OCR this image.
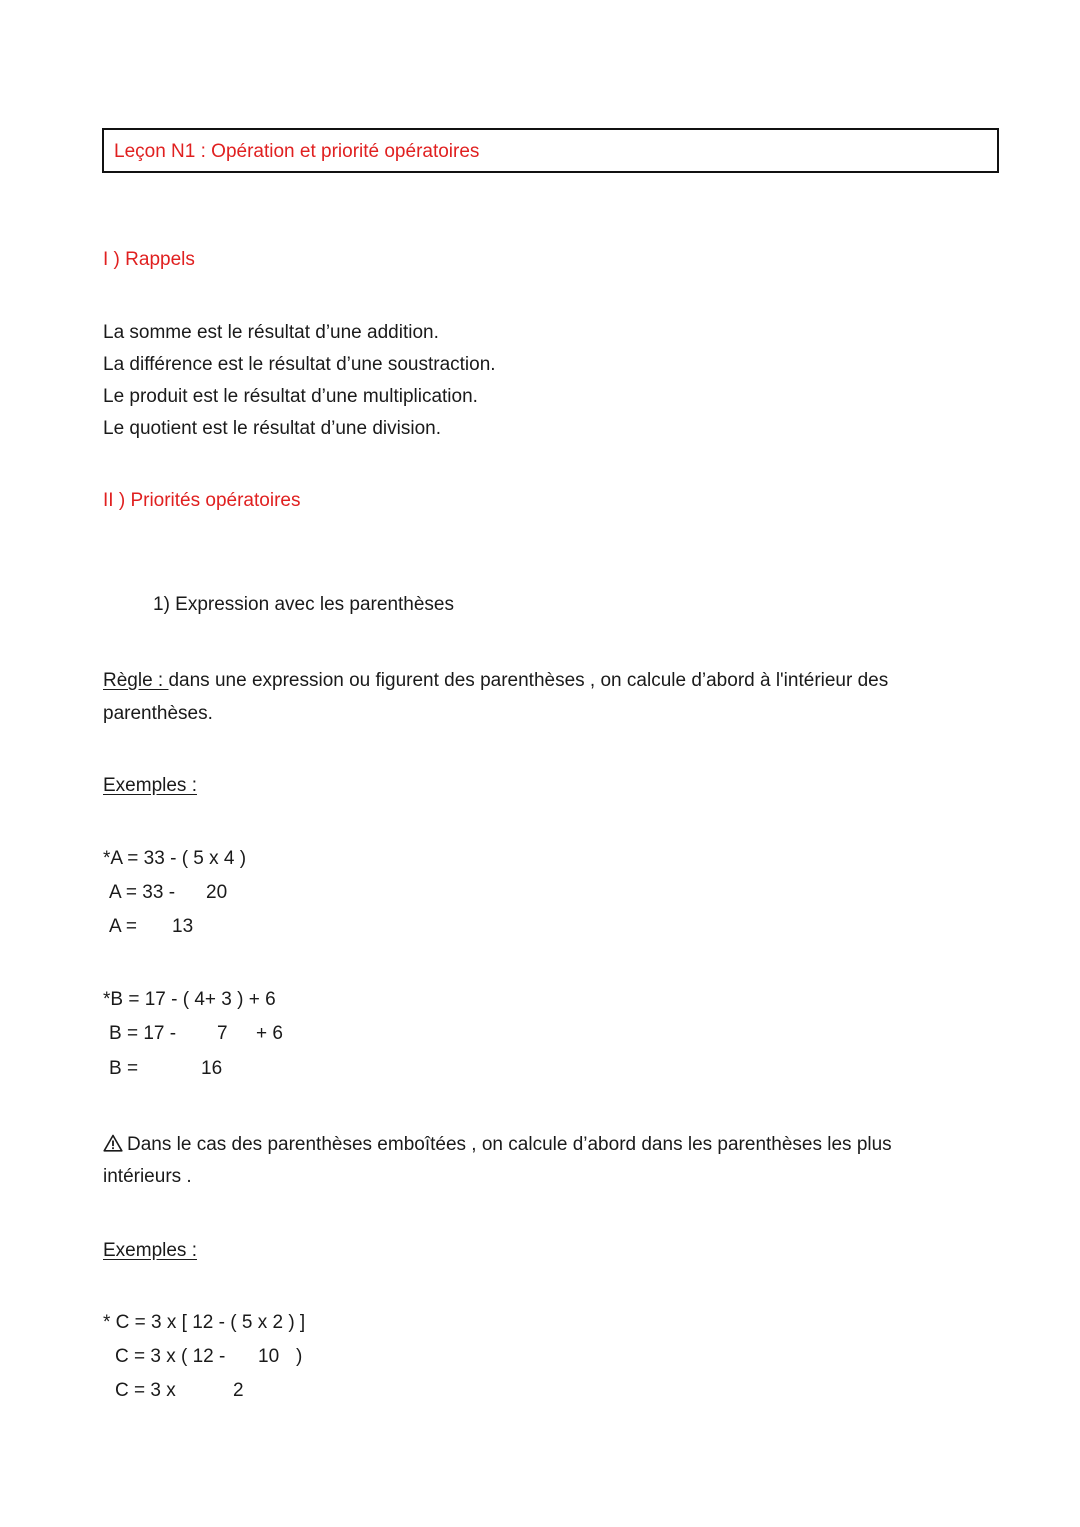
Leçon N1 : Opération et priorité opératoires
I ) Rappels
La somme est le résultat d’une addition.
La différence est le résultat d’une soustraction.
Le produit est le résultat d’une multiplication.
Le quotient est le résultat d’une division.
II ) Priorités opératoires
1) Expression avec les parenthèses
Règle : dans une expression ou figurent des parenthèses , on calcule d’abord à l'intérieur des
parenthèses.
Exemples :
*A = 33 - ( 5 x 4 )
A = 33 - 20
A = 13
*B = 17 - ( 4+ 3 ) + 6
B = 17 - 7 + 6
B =	16
Dans le cas des parenthèses emboîtées , on calcule d’abord dans les parenthèses les plus
intérieurs .
Exemples :
* C = 3 x [ 12 - ( 5 x 2 ) ]
C = 3 x ( 12 - 10 )
C = 3 x	2
